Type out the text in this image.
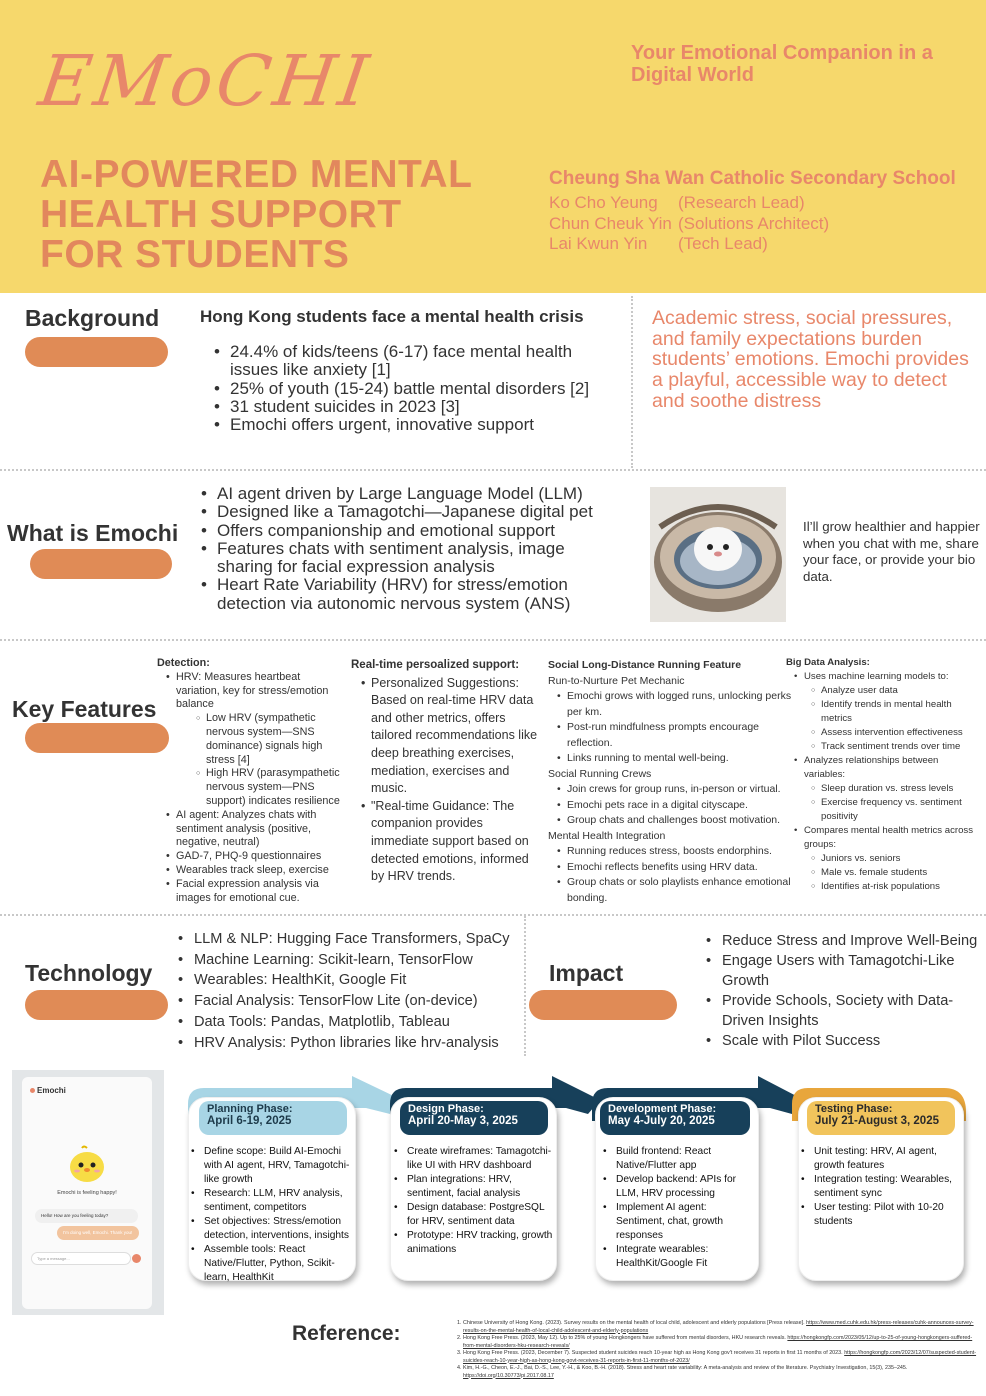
EMoCHI	Your Emotional Companion in a Digital World
AI-POWERED MENTAL
HEALTH SUPPORT
FOR STUDENTS
Cheung Sha Wan Catholic Secondary School
Ko Cho Yeung (Research Lead)
Chun Cheuk Yin (Solutions Architect)
Lai Kwun Yin (Tech Lead)
Background Hong Kong students face a mental health crisis
• 24.4% of kids/teens (6-17) face mental health issues like anxiety [1]
• 25% of youth (15-24) battle mental disorders [2]
• 31 student suicides in 2023 [3]
• Emochi offers urgent, innovative support
Academic stress, social pressures, and family expectations burden students’ emotions. Emochi provides a playful, accessible way to detect and soothe distress
What is Emochi
• AI agent driven by Large Language Model (LLM)
• Designed like a Tamagotchi—Japanese digital pet
• Offers companionship and emotional support
• Features chats with sentiment analysis, image sharing for facial expression analysis
• Heart Rate Variability (HRV) for stress/emotion detection via autonomic nervous system (ANS)
Il’ll grow healthier and happier when you chat with me, share your face, or provide your bio data.
Key Features
Detection:
• HRV: Measures heartbeat variation, key for stress/emotion balance
○ Low HRV (sympathetic nervous system—SNS dominance) signals high stress [4]
○ High HRV (parasympathetic nervous system—PNS support) indicates resilience
• AI agent: Analyzes chats with sentiment analysis (positive, negative, neutral)
• GAD-7, PHQ-9 questionnaires
• Wearables track sleep, exercise
• Facial expression analysis via images for emotional cue.
Real-time persoalized support:
• Personalized Suggestions: Based on real-time HRV data and other metrics, offers tailored recommendations like deep breathing exercises, mediation, exercises and music.
• "Real-time Guidance: The companion provides immediate support based on detected emotions, informed by HRV trends.
Social Long-Distance Running Feature
Run-to-Nurture Pet Mechanic
• Emochi grows with logged runs, unlocking perks per km.
• Post-run mindfulness prompts encourage reflection.
• Links running to mental well-being.
Social Running Crews
• Join crews for group runs, in-person or virtual.
• Emochi pets race in a digital cityscape.
• Group chats and challenges boost motivation.
Mental Health Integration
• Running reduces stress, boosts endorphins.
• Emochi reflects benefits using HRV data.
• Group chats or solo playlists enhance emotional bonding.
Big Data Analysis:
• Uses machine learning models to:
○ Analyze user data
○ Identify trends in mental health metrics
○ Assess intervention effectiveness
○ Track sentiment trends over time
• Analyzes relationships between variables:
○ Sleep duration vs. stress levels
○ Exercise frequency vs. sentiment positivity
• Compares mental health metrics across groups:
○ Juniors vs. seniors
○ Male vs. female students
○ Identifies at-risk populations
Technology
• LLM & NLP: Hugging Face Transformers, SpaCy
• Machine Learning: Scikit-learn, TensorFlow
• Wearables: HealthKit, Google Fit
• Facial Analysis: TensorFlow Lite (on-device)
• Data Tools: Pandas, Matplotlib, Tableau
• HRV Analysis: Python libraries like hrv-analysis
Impact
• Reduce Stress and Improve Well-Being
• Engage Users with Tamagotchi-Like Growth
• Provide Schools, Society with Data-Driven Insights
• Scale with Pilot Success
Emochi
Emochi is feeling happy!
Hello! How are you feeling today?
I'm doing well, Emochi. Thank you!
Type a message...
Planning Phase:
April 6-19, 2025
• Define scope: Build AI-Emochi with AI agent, HRV, Tamagotchi-like growth
• Research: LLM, HRV analysis, sentiment, competitors
• Set objectives: Stress/emotion detection, interventions, insights
• Assemble tools: React Native/Flutter, Python, Scikit-learn, HealthKit
Design Phase:
April 20-May 3, 2025
• Create wireframes: Tamagotchi-like UI with HRV dashboard
• Plan integrations: HRV, sentiment, facial analysis
• Design database: PostgreSQL for HRV, sentiment data
• Prototype: HRV tracking, growth animations
Development Phase:
May 4-July 20, 2025
• Build frontend: React Native/Flutter app
• Develop backend: APIs for LLM, HRV processing
• Implement AI agent: Sentiment, chat, growth responses
• Integrate wearables: HealthKit/Google Fit
Testing Phase:
July 21-August 3, 2025
• Unit testing: HRV, AI agent, growth features
• Integration testing: Wearables, sentiment sync
• User testing: Pilot with 10-20 students
Reference:
1.	Chinese University of Hong Kong. (2023). Survey results on the mental health of local child, adolescent and elderly populations [Press release]. https://www.med.cuhk.edu.hk/press-releases/cuhk-announces-survey-results-on-the-mental-health-of-local-child-adolescent-and-elderly-populations
2. Hong Kong Free Press. (2023, May 12). Up to 25% of young Hongkongers have suffered from mental disorders, HKU research reveals. https://hongkongfp.com/2023/05/12/up-to-25-of-young-hongkongers-suffered-from-mental-disorders-hku-research-reveals/
3. Hong Kong Free Press. (2023, December 7). Suspected student suicides reach 10-year high as Hong Kong gov't receives 31 reports in first 11 months of 2023. https://hongkongfp.com/2023/12/07/suspected-student-suicides-reach-10-year-high-as-hong-kong-govt-receives-31-reports-in-first-11-months-of-2023/
4. Kim, H.-G., Cheon, E.-J., Bai, D.-S., Lee, Y.-H., & Koo, B.-H. (2018). Stress and heart rate variability: A meta-analysis and review of the literature. Psychiatry Investigation, 15(3), 235–245. https://doi.org/10.30773/pi.2017.08.17
